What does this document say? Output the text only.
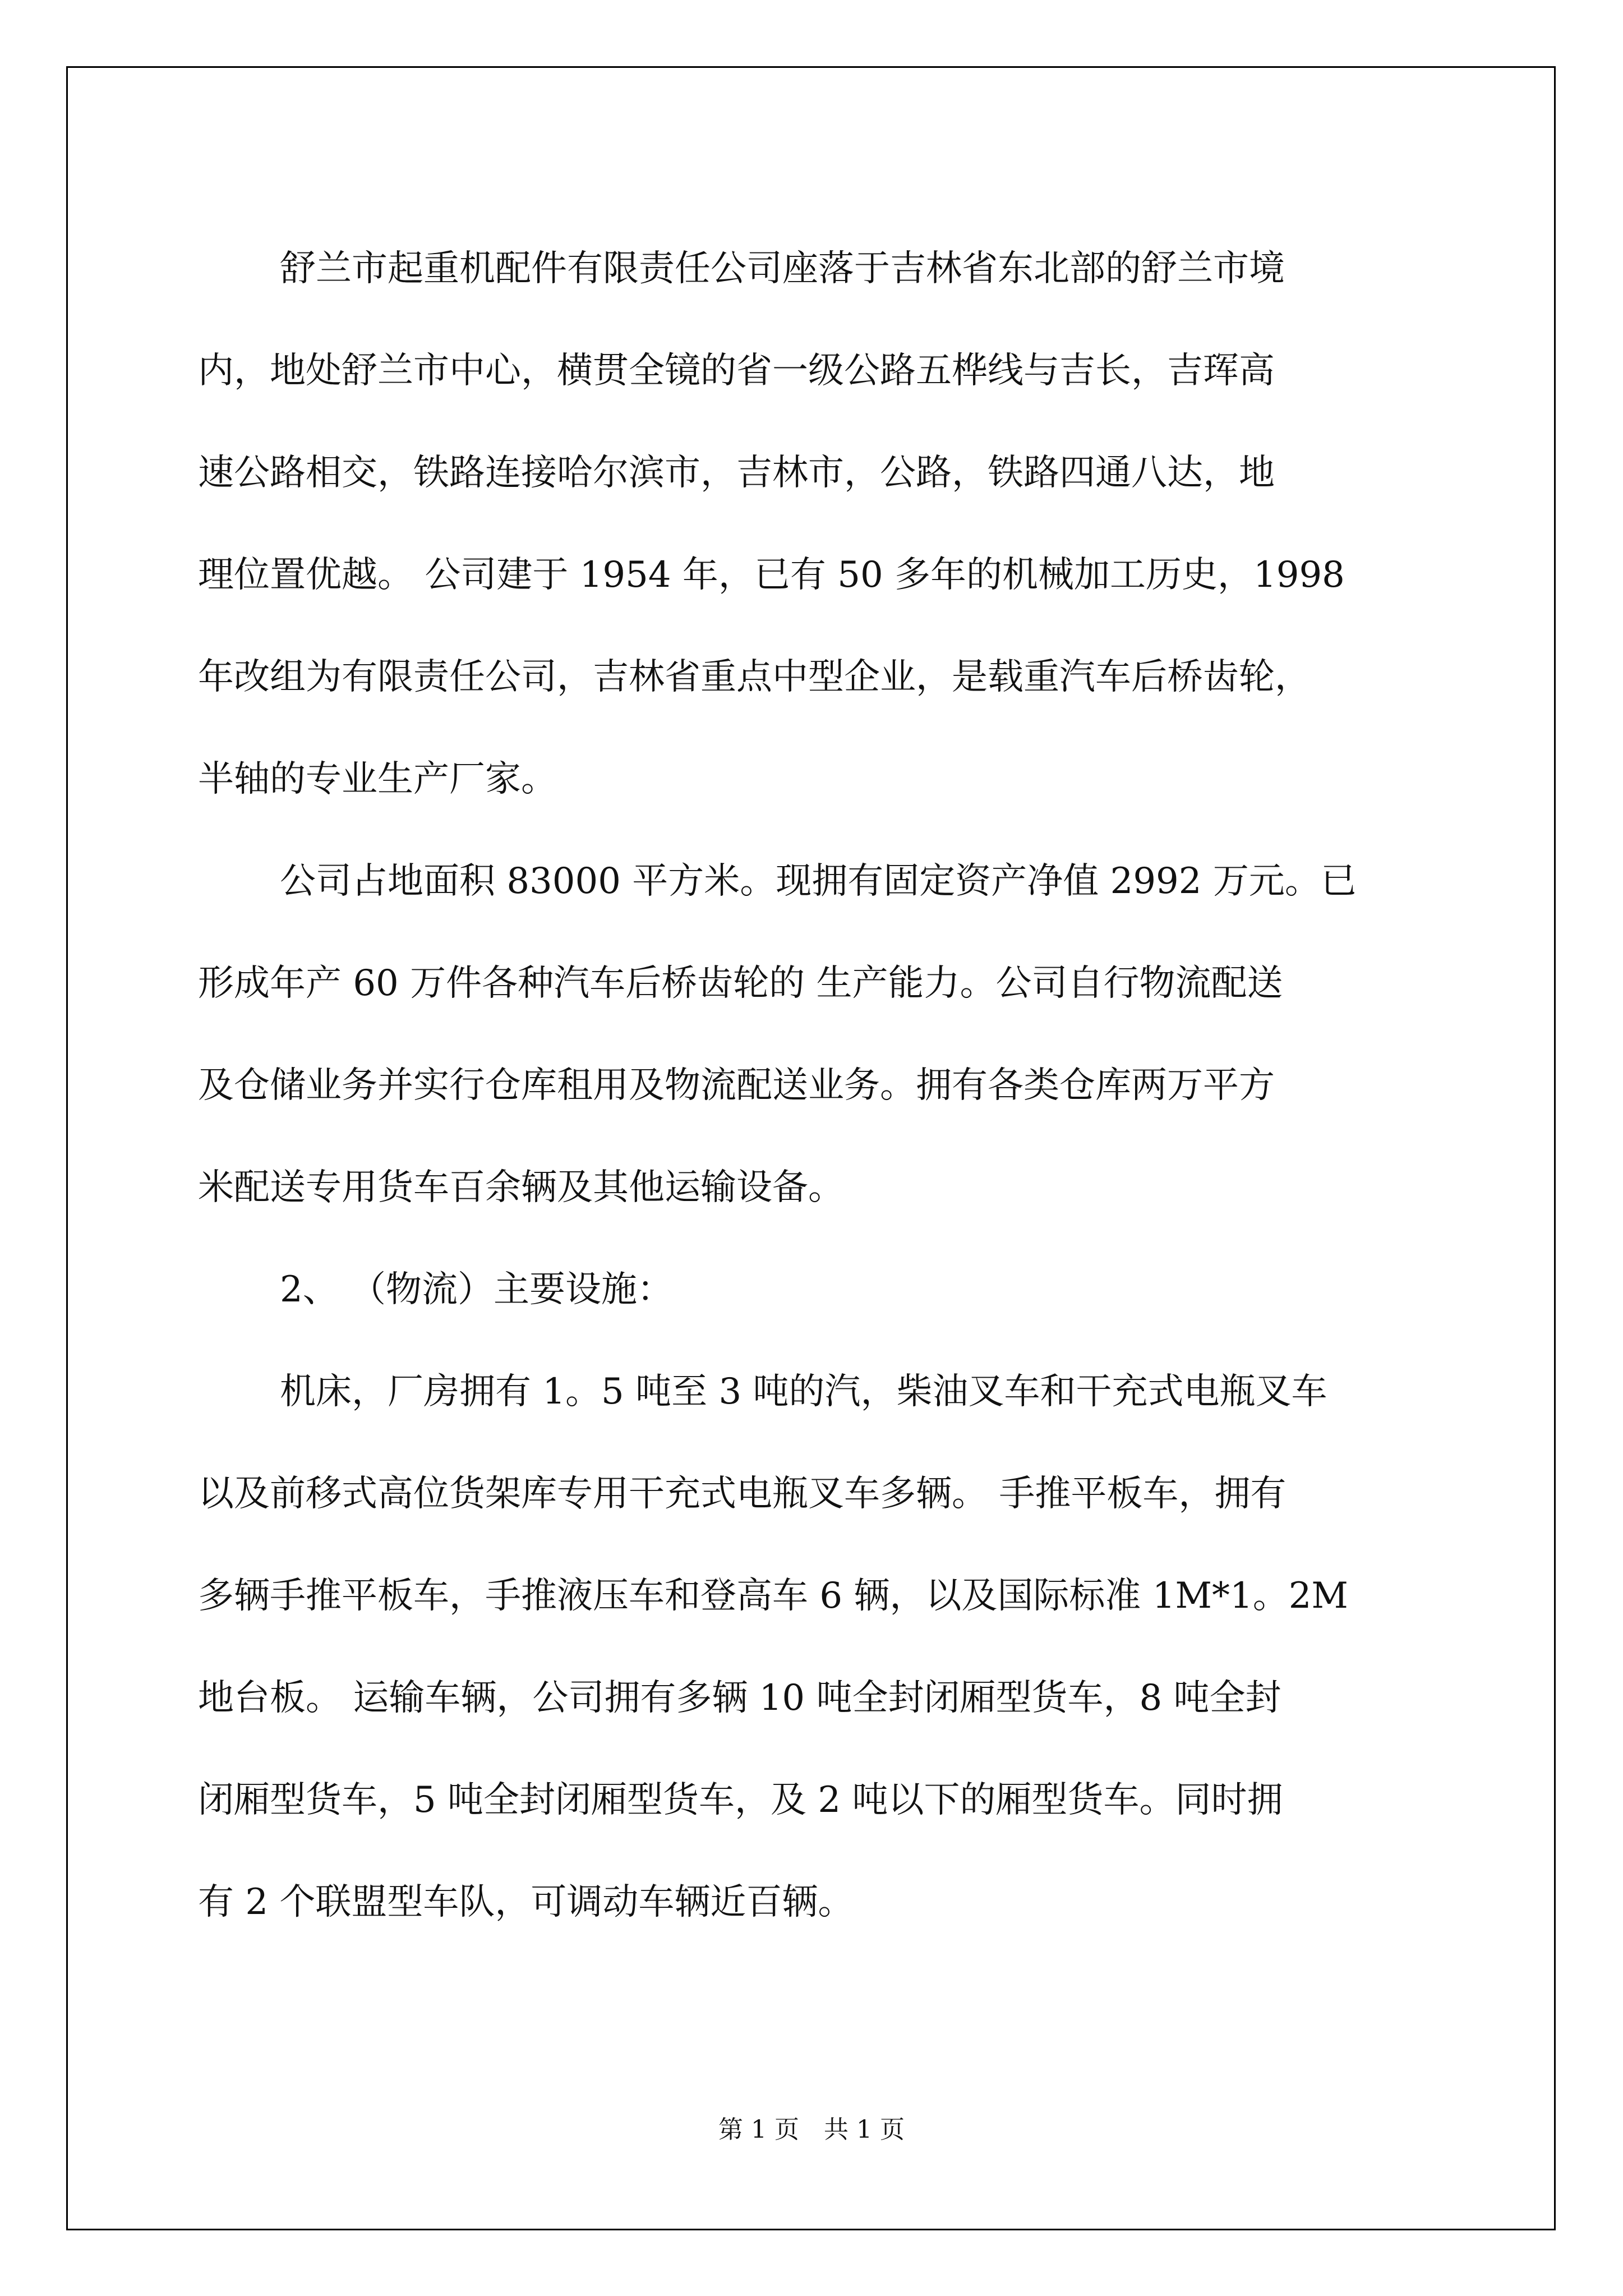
舒兰市起重机配件有限责任公司座落于吉林省东北部的舒兰市境
内，地处舒兰市中心，横贯全镜的省一级公路五桦线与吉长，吉珲高
速公路相交，铁路连接哈尔滨市，吉林市，公路，铁路四通八达，地
理位置优越。 公司建于 1954 年，已有 50 多年的机械加工历史，1998
年改组为有限责任公司，吉林省重点中型企业，是载重汽车后桥齿轮，
半轴的专业生产厂家。
公司占地面积 83000 平方米。现拥有固定资产净值 2992 万元。已
形成年产 60 万件各种汽车后桥齿轮的 生产能力。公司自行物流配送
及仓储业务并实行仓库租用及物流配送业务。拥有各类仓库两万平方
米配送专用货车百余辆及其他运输设备。
2、 （物流）主要设施：
机床，厂房拥有 1。5 吨至 3 吨的汽，柴油叉车和干充式电瓶叉车
以及前移式高位货架库专用干充式电瓶叉车多辆。 手推平板车，拥有
多辆手推平板车，手推液压车和登高车 6 辆，以及国际标准 1M*1。2M
地台板。 运输车辆，公司拥有多辆 10 吨全封闭厢型货车，8 吨全封
闭厢型货车，5 吨全封闭厢型货车，及 2 吨以下的厢型货车。同时拥
有 2 个联盟型车队，可调动车辆近百辆。
第 1 页　共 1 页
